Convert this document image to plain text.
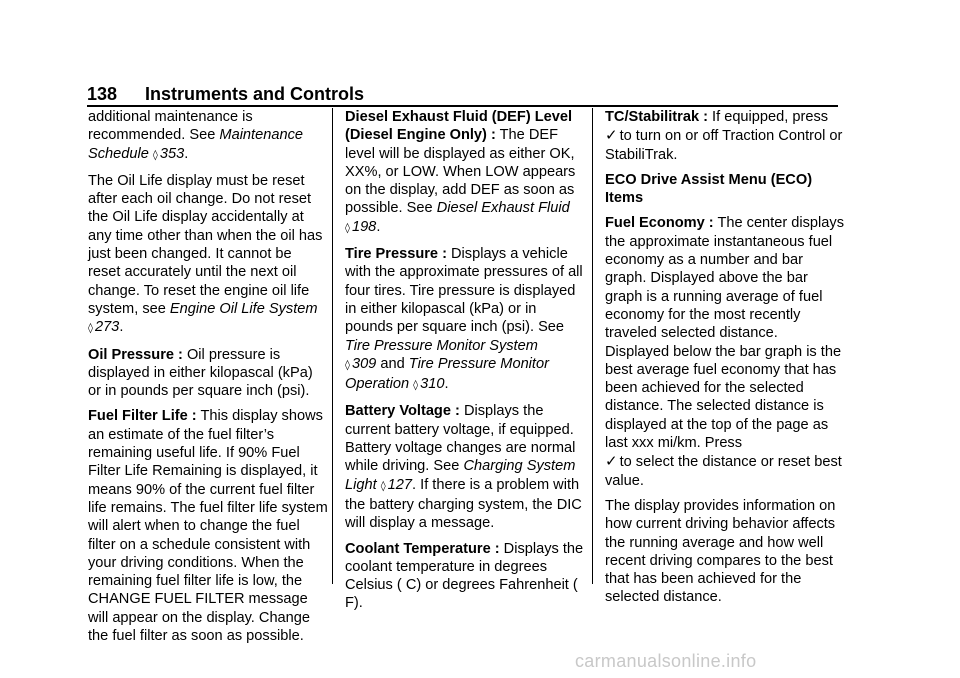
138 Instruments and Controls

additional maintenance is recommended. See Maintenance Schedule ◊ 353.

The Oil Life display must be reset after each oil change. Do not reset the Oil Life display accidentally at any time other than when the oil has just been changed. It cannot be reset accurately until the next oil change. To reset the engine oil life system, see Engine Oil Life System ◊ 273.

Oil Pressure : Oil pressure is displayed in either kilopascal (kPa) or in pounds per square inch (psi).

Fuel Filter Life : This display shows an estimate of the fuel filter’s remaining useful life. If 90% Fuel Filter Life Remaining is displayed, it means 90% of the current fuel filter life remains. The fuel filter life system will alert when to change the fuel filter on a schedule consistent with your driving conditions. When the remaining fuel filter life is low, the CHANGE FUEL FILTER message will appear on the display. Change the fuel filter as soon as possible.

Diesel Exhaust Fluid (DEF) Level (Diesel Engine Only) : The DEF level will be displayed as either OK, XX%, or LOW. When LOW appears on the display, add DEF as soon as possible. See Diesel Exhaust Fluid
◊ 198.

Tire Pressure : Displays a vehicle with the approximate pressures of all four tires. Tire pressure is displayed in either kilopascal (kPa) or in pounds per square inch (psi). See Tire Pressure Monitor System
◊ 309 and Tire Pressure Monitor Operation ◊ 310.

Battery Voltage : Displays the current battery voltage, if equipped. Battery voltage changes are normal while driving. See Charging System Light ◊ 127. If there is a problem with the battery charging system, the DIC will display a message.

Coolant Temperature : Displays the coolant temperature in degrees Celsius ( C) or degrees Fahrenheit ( F).

TC/Stabilitrak : If equipped, press
✓ to turn on or off Traction Control or StabiliTrak.

ECO Drive Assist Menu (ECO) Items

Fuel Economy : The center displays the approximate instantaneous fuel economy as a number and bar graph. Displayed above the bar graph is a running average of fuel economy for the most recently traveled selected distance. Displayed below the bar graph is the best average fuel economy that has been achieved for the selected distance. The selected distance is displayed at the top of the page as last xxx mi/km. Press
✓ to select the distance or reset best value.

The display provides information on how current driving behavior affects the running average and how well recent driving compares to the best that has been achieved for the selected distance.

carmanualsonline.info
